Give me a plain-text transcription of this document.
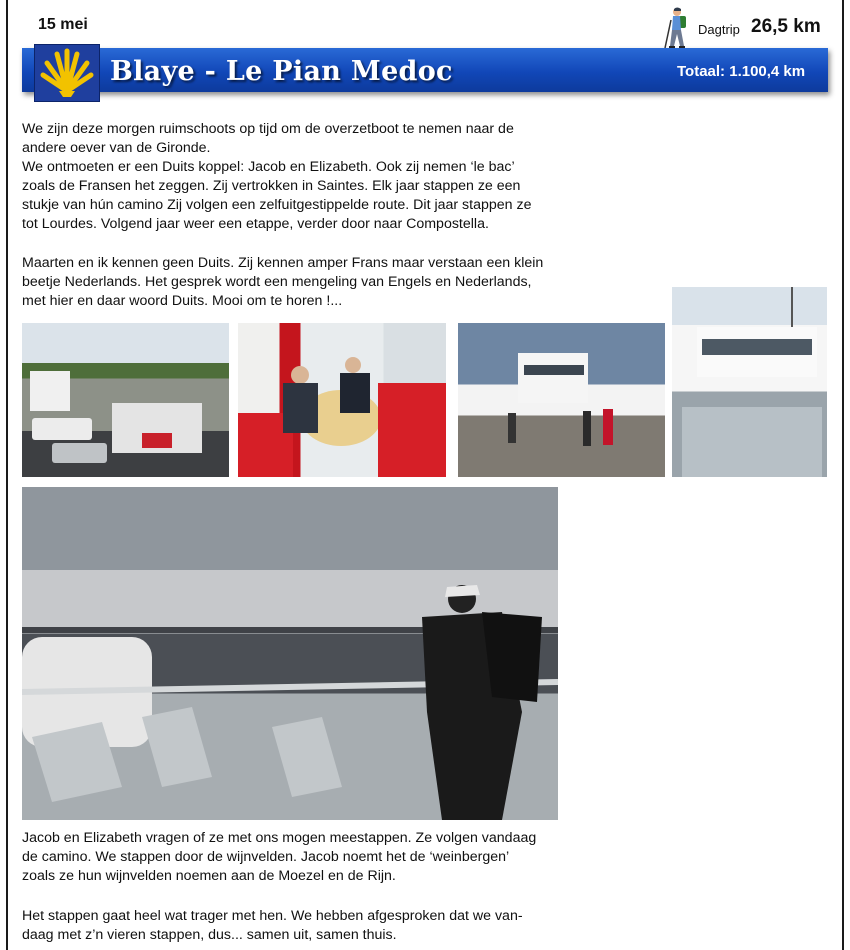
15 mei	Dagtrip 26,5 km
Blaye - Le Pian Medoc	Totaal: 1.100,4 km
We zijn deze morgen ruimschoots op tijd om de overzetboot te nemen naar de
andere oever van de Gironde.
We ontmoeten er een Duits koppel: Jacob en Elizabeth. Ook zij nemen ‘le bac’
zoals de Fransen het zeggen. Zij vertrokken in Saintes. Elk jaar stappen ze een
stukje van hún camino Zij volgen een zelfuitgestippelde route. Dit jaar stappen ze
tot Lourdes. Volgend jaar weer een etappe, verder door naar Compostella.
Maarten en ik kennen geen Duits. Zij kennen amper Frans maar verstaan een klein
beetje Nederlands. Het gesprek wordt een mengeling van Engels en Nederlands,
met hier en daar woord Duits. Mooi om te horen !...
Jacob en Elizabeth vragen of ze met ons mogen meestappen. Ze volgen vandaag
de camino. We stappen door de wijnvelden. Jacob noemt het de ‘weinbergen’
zoals ze hun wijnvelden noemen aan de Moezel en de Rijn.
Het stappen gaat heel wat trager met hen. We hebben afgesproken dat we van-
daag met z’n vieren stappen, dus... samen uit, samen thuis.
